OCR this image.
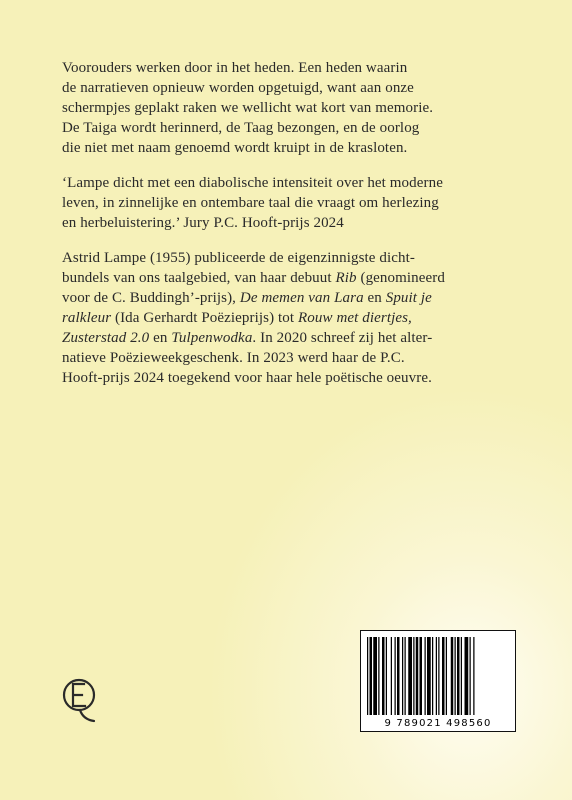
Voorouders werken door in het heden. Een heden waarin
de narratieven opnieuw worden opgetuigd, want aan onze
schermpjes geplakt raken we wellicht wat kort van memorie.
De Taiga wordt herinnerd, de Taag bezongen, en de oorlog
die niet met naam genoemd wordt kruipt in de krasloten.
‘Lampe dicht met een diabolische intensiteit over het moderne
leven, in zinnelijke en ontembare taal die vraagt om herlezing
en herbeluistering.’ Jury P.C. Hooft-prijs 2024
Astrid Lampe (1955) publiceerde de eigenzinnigste dicht-
bundels van ons taalgebied, van haar debuut Rib (genomineerd
voor de C. Buddingh’-prijs), De memen van Lara en Spuit je
ralkleur (Ida Gerhardt Poëzieprijs) tot Rouw met diertjes,
Zusterstad 2.0 en Tulpenwodka. In 2020 schreef zij het alter-
natieve Poëzieweekgeschenk. In 2023 werd haar de P.C.
Hooft-prijs 2024 toegekend voor haar hele poëtische oeuvre.
9 789021 498560
